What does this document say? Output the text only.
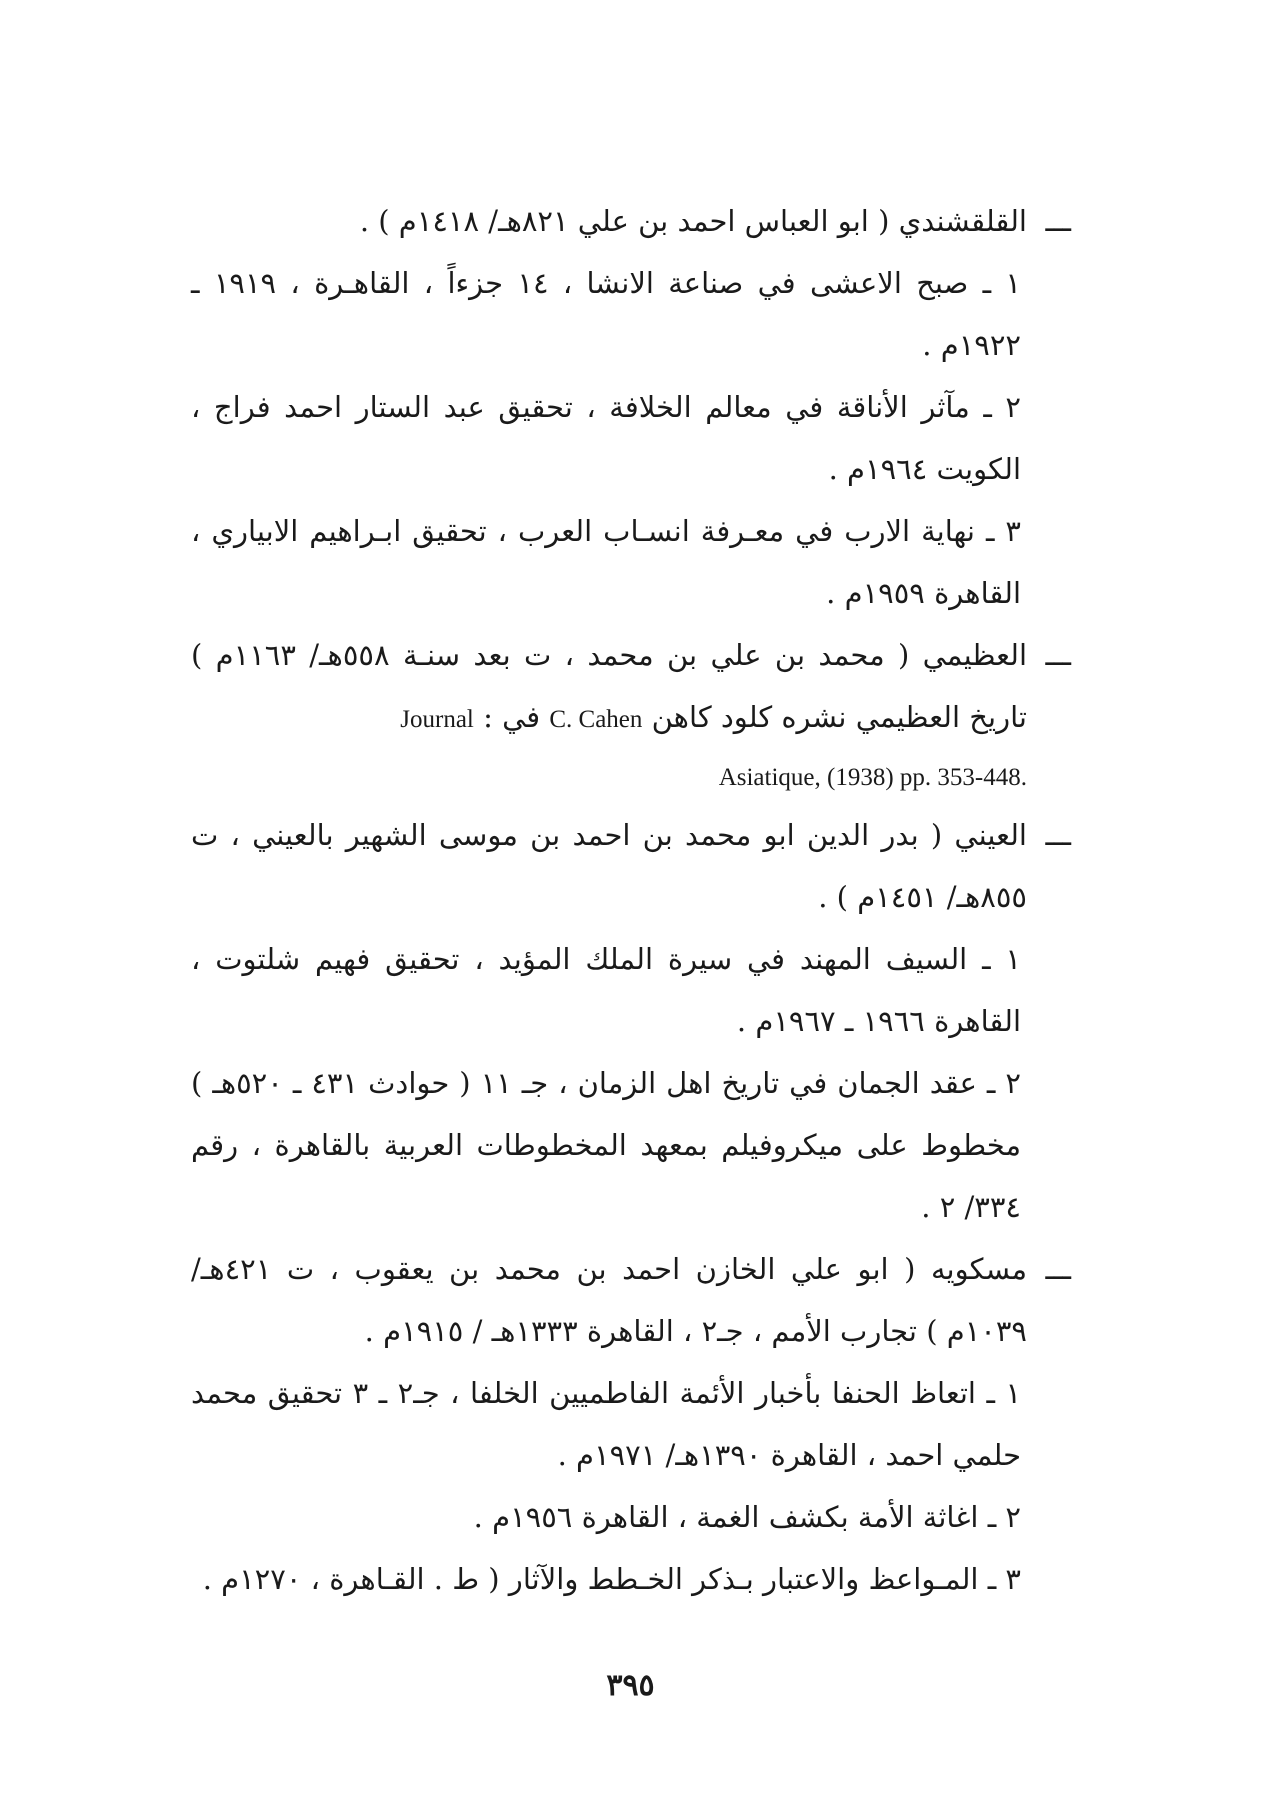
ـــ
القلقشندي ( ابو العباس احمد بن علي ٨٢١هـ/ ١٤١٨م ) .
١ ـ صبح الاعشى في صناعة الانشا ، ١٤ جزءاً ، القاهـرة ، ١٩١٩ ـ ١٩٢٢م .
٢ ـ مآثر الأناقة في معالم الخلافة ، تحقيق عبد الستار احمد فراج ، الكويت ١٩٦٤م .
٣ ـ نهاية الارب في معـرفة انسـاب العرب ، تحقيق ابـراهيم الابياري ، القاهرة ١٩٥٩م .
ـــ
العظيمي ( محمد بن علي بن محمد ، ت بعد سنـة ٥٥٨هـ/ ١١٦٣م ) تاريخ العظيمي نشره كلود كاهن C. Cahen في : Journal
Asiatique, (1938) pp. 353-448.
ـــ
العيني ( بدر الدين ابو محمد بن احمد بن موسى الشهير بالعيني ، ت ٨٥٥هـ/ ١٤٥١م ) .
١ ـ السيف المهند في سيرة الملك المؤيد ، تحقيق فهيم شلتوت ، القاهرة ١٩٦٦ ـ ١٩٦٧م .
٢ ـ عقد الجمان في تاريخ اهل الزمان ، جـ ١١ ( حوادث ٤٣١ ـ ٥٢٠هـ ) مخطوط على ميكروفيلم بمعهد المخطوطات العربية بالقاهرة ، رقم ٣٣٤/ ٢ .
ـــ
مسكويه ( ابو علي الخازن احمد بن محمد بن يعقوب ، ت ٤٢١هـ/ ١٠٣٩م ) تجارب الأمم ، جـ٢ ، القاهرة ١٣٣٣هـ / ١٩١٥م .
١ ـ اتعاظ الحنفا بأخبار الأئمة الفاطميين الخلفا ، جـ٢ ـ ٣ تحقيق محمد حلمي احمد ، القاهرة ١٣٩٠هـ/ ١٩٧١م .
٢ ـ اغاثة الأمة بكشف الغمة ، القاهرة ١٩٥٦م .
٣ ـ المـواعظ والاعتبار بـذكر الخـطط والآثار ( ط . القـاهرة ، ١٢٧٠م .
٣٩٥
